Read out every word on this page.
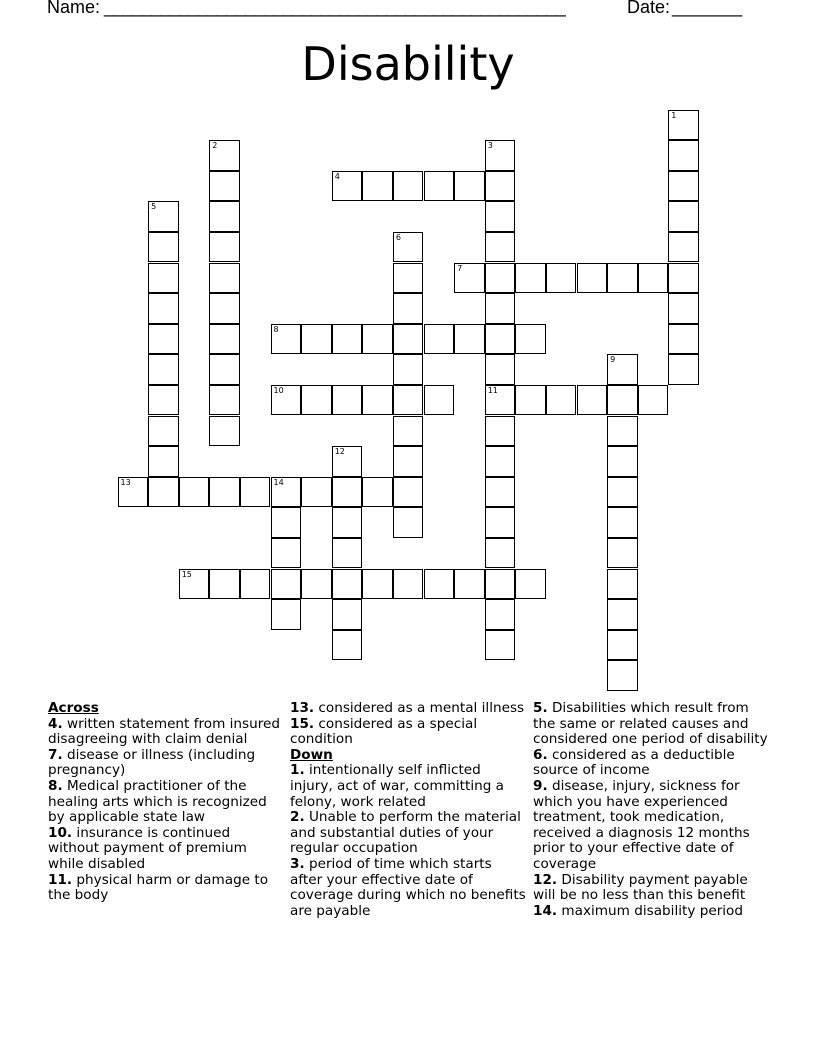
Name: _________________________________________________	Date: _______
Disability
1
2	3
11
4
5
6
7
8
9
10
12
13	14
15
Across
4. written statement from insured disagreeing with claim denial
7. disease or illness (including pregnancy)
8. Medical practitioner of the healing arts which is recognized by applicable state law
10. insurance is continued without payment of premium while disabled
11. physical harm or damage to the body
13. considered as a mental illness
15. considered as a special condition
Down
1. intentionally self inflicted injury, act of war, committing a felony, work related
2. Unable to perform the material and substantial duties of your regular occupation
3. period of time which starts after your effective date of coverage during which no benefits are payable
5. Disabilities which result from the same or related causes and considered one period of disability
6. considered as a deductible source of income
9. disease, injury, sickness for which you have experienced treatment, took medication, received a diagnosis 12 months prior to your effective date of coverage
12. Disability payment payable will be no less than this benefit
14. maximum disability period
